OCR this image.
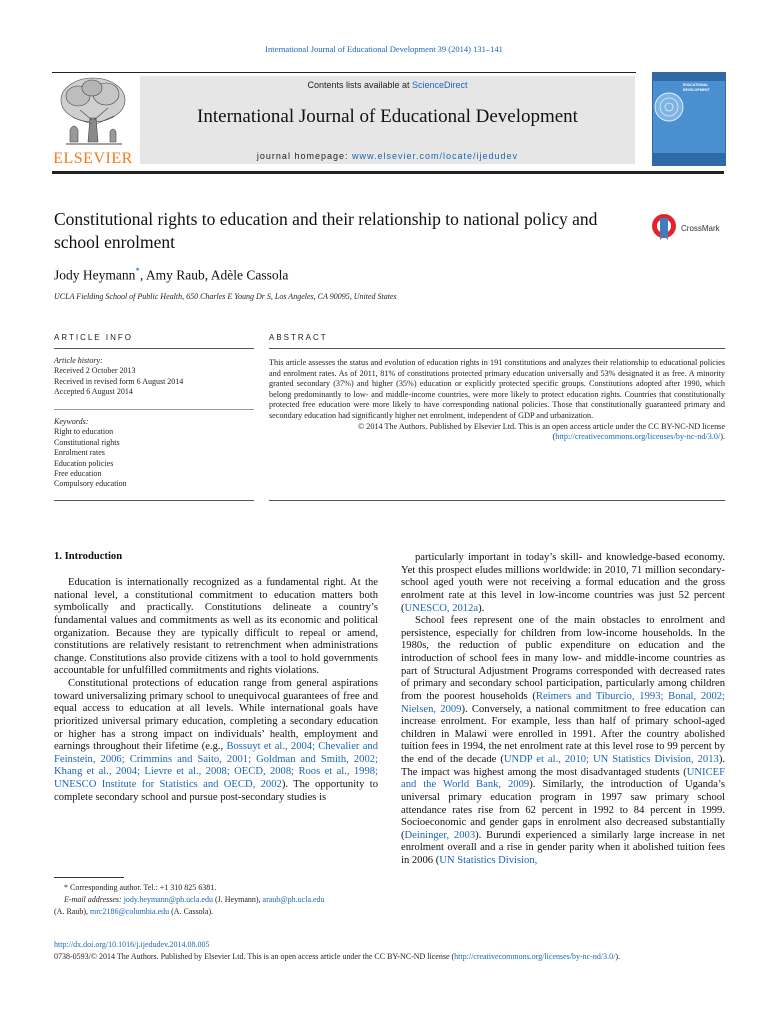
International Journal of Educational Development 39 (2014) 131–141
ELSEVIER
Contents lists available at ScienceDirect
International Journal of Educational Development
journal homepage: www.elsevier.com/locate/ijedudev
EDUCATIONAL DEVELOPMENT
Constitutional rights to education and their relationship to national policy and school enrolment
CrossMark
Jody Heymann*, Amy Raub, Adèle Cassola
UCLA Fielding School of Public Health, 650 Charles E Young Dr S, Los Angeles, CA 90095, United States
ARTICLE INFO	ABSTRACT
Article history:
Received 2 October 2013
Received in revised form 6 August 2014
Accepted 6 August 2014
Keywords:
Right to education
Constitutional rights
Enrolment rates
Education policies
Free education
Compulsory education
This article assesses the status and evolution of education rights in 191 constitutions and analyzes their relationship to educational policies and enrolment rates. As of 2011, 81% of constitutions protected primary education universally and 53% designated it as free. A minority granted secondary (37%) and higher (35%) education or explicitly protected specific groups. Constitutions adopted after 1990, which belong predominantly to low- and middle-income countries, were more likely to protect education rights. Countries that constitutionally protected free education were more likely to have corresponding national policies. Those that constitutionally guaranteed primary and secondary education had significantly higher net enrolment, independent of GDP and urbanization.
© 2014 The Authors. Published by Elsevier Ltd. This is an open access article under the CC BY-NC-ND license (http://creativecommons.org/licenses/by-nc-nd/3.0/).
1. Introduction

Education is internationally recognized as a fundamental right. At the national level, a constitutional commitment to education matters both symbolically and practically. Constitutions delineate a country’s fundamental values and commitments as well as its economic and political organization. Because they are typically difficult to repeal or amend, constitutions are relatively resistant to retrenchment when administrations change. Constitutions also provide citizens with a tool to hold governments accountable for unfulfilled commitments and rights violations.

Constitutional protections of education range from general aspirations toward universalizing primary school to unequivocal guarantees of free and equal access to education at all levels. While international goals have prioritized universal primary education, completing a secondary education or higher has a strong impact on individuals’ health, employment and earnings throughout their lifetime (e.g., Bossuyt et al., 2004; Chevalier and Feinstein, 2006; Crimmins and Saito, 2001; Goldman and Smith, 2002; Khang et al., 2004; Lievre et al., 2008; OECD, 2008; Roos et al., 1998; UNESCO Institute for Statistics and OECD, 2002). The opportunity to complete secondary school and pursue post-secondary studies is

particularly important in today’s skill- and knowledge-based economy. Yet this prospect eludes millions worldwide: in 2010, 71 million secondary-school aged youth were not receiving a formal education and the gross enrolment rate at this level in low-income countries was just 52 percent (UNESCO, 2012a).

School fees represent one of the main obstacles to enrolment and persistence, especially for children from low-income households. In the 1980s, the reduction of public expenditure on education and the introduction of school fees in many low- and middle-income countries as part of Structural Adjustment Programs corresponded with decreased rates of primary and secondary school participation, particularly among children from the poorest households (Reimers and Tiburcio, 1993; Bonal, 2002; Nielsen, 2009). Conversely, a national commitment to free education can increase enrolment. For example, less than half of primary school-aged children in Malawi were enrolled in 1991. After the country abolished tuition fees in 1994, the net enrolment rate at this level rose to 99 percent by the end of the decade (UNDP et al., 2010; UN Statistics Division, 2013). The impact was highest among the most disadvantaged students (UNICEF and the World Bank, 2009). Similarly, the introduction of Uganda’s universal primary education program in 1997 saw primary school attendance rates rise from 62 percent in 1992 to 84 percent in 1999. Socioeconomic and gender gaps in enrolment also decreased substantially (Deininger, 2003). Burundi experienced a similarly large increase in net enrolment overall and a rise in gender parity when it abolished tuition fees in 2006 (UN Statistics Division,

* Corresponding author. Tel.: +1 310 825 6381.
E-mail addresses: jody.heymann@ph.ucla.edu (J. Heymann), araub@ph.ucla.edu
(A. Raub), mrc2186@columbia.edu (A. Cassola).
http://dx.doi.org/10.1016/j.ijedudev.2014.08.005
0738-0593/© 2014 The Authors. Published by Elsevier Ltd. This is an open access article under the CC BY-NC-ND license (http://creativecommons.org/licenses/by-nc-nd/3.0/).
